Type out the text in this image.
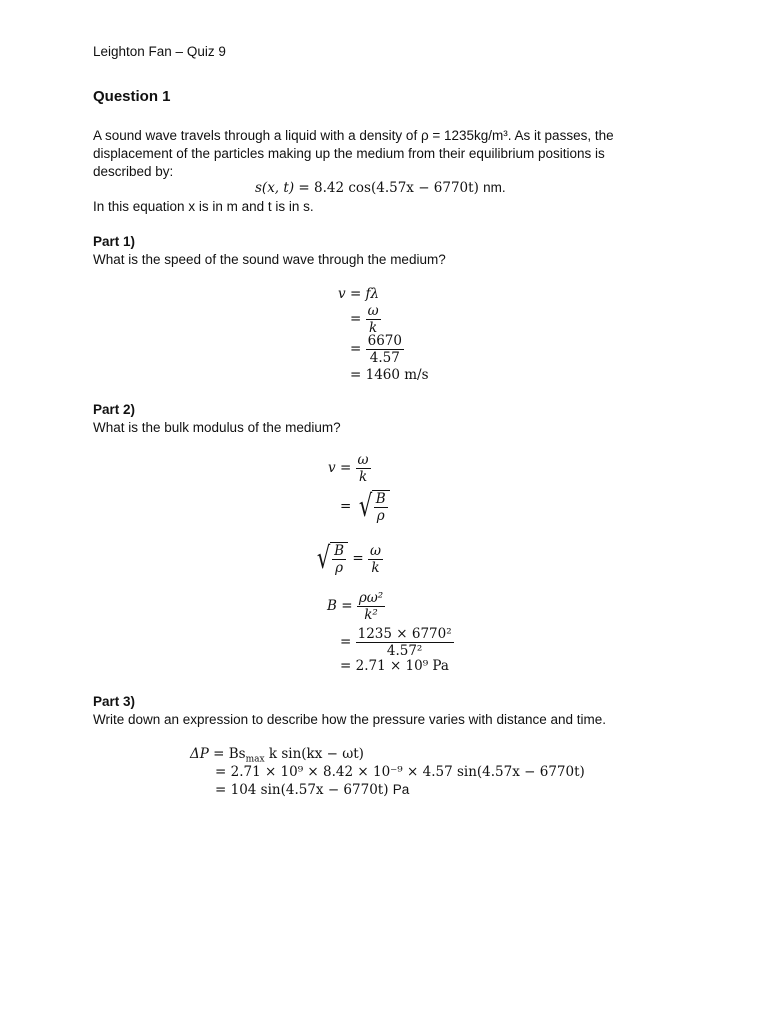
Leighton Fan – Quiz 9
Question 1
A sound wave travels through a liquid with a density of ρ = 1235kg/m³. As it passes, the
displacement of the particles making up the medium from their equilibrium positions is
described by:
s(x, t) = 8.42 cos(4.57x − 6770t) nm.
In this equation x is in m and t is in s.
Part 1)
What is the speed of the sound wave through the medium?
v = fλ
= $\frac{\omega}{k}$
= $\frac{6670}{4.57}$
= 1460 m/s
Part 2)
What is the bulk modulus of the medium?
$v = \frac{\omega}{k}$
= √ $\frac{B}{\rho}$
√ $\frac{B}{\rho} = \frac{\omega}{k}$
$B = \frac{\text{ρω²}}{\text{k²}}$
= $\frac{\text{1235 × 6770²}}{\text{4.57²}}$
= 2.71 × 10⁹ Pa
Part 3)
Write down an expression to describe how the pressure varies with distance and time.
$\Delta P = Bs_{max}$ k sin(kx − ωt)
= 2.71 × 10⁹ × 8.42 × 10⁻⁹ × 4.57 sin(4.57x − 6770t)
= 104 sin(4.57x − 6770t) Pa
